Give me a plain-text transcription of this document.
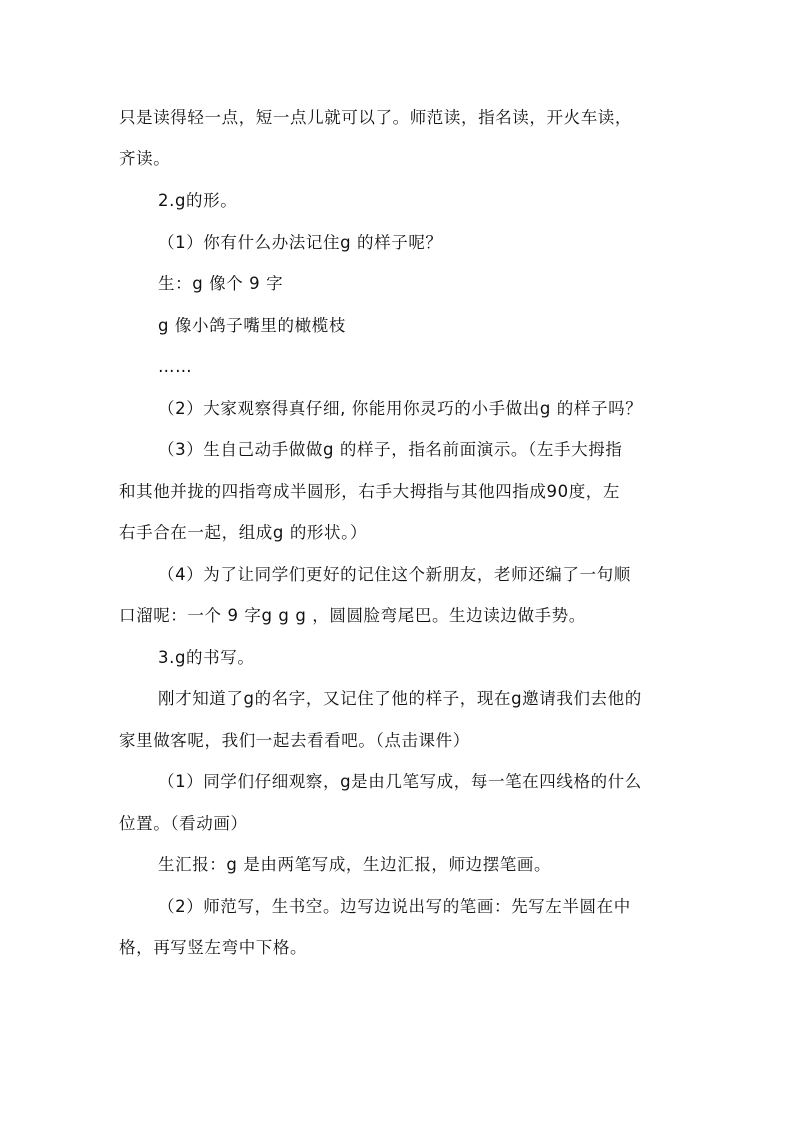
只是读得轻一点，短一点儿就可以了。师范读，指名读，开火车读，
齐读。
2.g的形。
（1）你有什么办法记住g 的样子呢？
生：g 像个 9 字
g 像小鸽子嘴里的橄榄枝
……
（2）大家观察得真仔细, 你能用你灵巧的小手做出g 的样子吗？
（3）生自己动手做做g 的样子，指名前面演示。（左手大拇指
和其他并拢的四指弯成半圆形，右手大拇指与其他四指成90度，左
右手合在一起，组成g 的形状。）
（4）为了让同学们更好的记住这个新朋友，老师还编了一句顺
口溜呢：一个 9 字g g g ，圆圆脸弯尾巴。生边读边做手势。
3.g的书写。
刚才知道了g的名字，又记住了他的样子，现在g邀请我们去他的
家里做客呢，我们一起去看看吧。（点击课件）
（1）同学们仔细观察，g是由几笔写成，每一笔在四线格的什么
位置。（看动画）
生汇报：g 是由两笔写成，生边汇报，师边摆笔画。
（2）师范写，生书空。边写边说出写的笔画：先写左半圆在中
格，再写竖左弯中下格。
